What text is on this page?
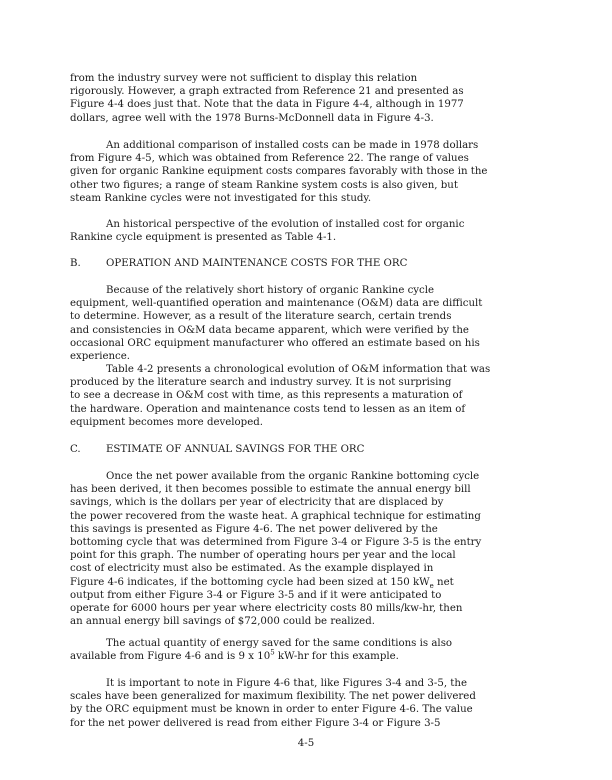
from the industry survey were not sufficient to display this relation
rigorously. However, a graph extracted from Reference 21 and presented as
Figure 4-4 does just that. Note that the data in Figure 4-4, although in 1977
dollars, agree well with the 1978 Burns-McDonnell data in Figure 4-3.
An additional comparison of installed costs can be made in 1978 dollars
from Figure 4-5, which was obtained from Reference 22. The range of values
given for organic Rankine equipment costs compares favorably with those in the
other two figures; a range of steam Rankine system costs is also given, but
steam Rankine cycles were not investigated for this study.
An historical perspective of the evolution of installed cost for organic
Rankine cycle equipment is presented as Table 4-1.
B. OPERATION AND MAINTENANCE COSTS FOR THE ORC
Because of the relatively short history of organic Rankine cycle
equipment, well-quantified operation and maintenance (O&M) data are difficult
to determine. However, as a result of the literature search, certain trends
and consistencies in O&M data became apparent, which were verified by the
occasional ORC equipment manufacturer who offered an estimate based on his
experience.
Table 4-2 presents a chronological evolution of O&M information that was
produced by the literature search and industry survey. It is not surprising
to see a decrease in O&M cost with time, as this represents a maturation of
the hardware. Operation and maintenance costs tend to lessen as an item of
equipment becomes more developed.
C. ESTIMATE OF ANNUAL SAVINGS FOR THE ORC
Once the net power available from the organic Rankine bottoming cycle
has been derived, it then becomes possible to estimate the annual energy bill
savings, which is the dollars per year of electricity that are displaced by
the power recovered from the waste heat. A graphical technique for estimating
this savings is presented as Figure 4-6. The net power delivered by the
bottoming cycle that was determined from Figure 3-4 or Figure 3-5 is the entry
point for this graph. The number of operating hours per year and the local
cost of electricity must also be estimated. As the example displayed in
Figure 4-6 indicates, if the bottoming cycle had been sized at 150 $kW_e$ net
output from either Figure 3-4 or Figure 3-5 and if it were anticipated to
operate for 6000 hours per year where electricity costs 80 mills/kw-hr, then
an annual energy bill savings of $72,000 could be realized.
The actual quantity of energy saved for the same conditions is also
available from Figure 4-6 and is 9 x $10^5$ kW-hr for this example.
It is important to note in Figure 4-6 that, like Figures 3-4 and 3-5, the
scales have been generalized for maximum flexibility. The net power delivered
by the ORC equipment must be known in order to enter Figure 4-6. The value
for the net power delivered is read from either Figure 3-4 or Figure 3-5
4-5
